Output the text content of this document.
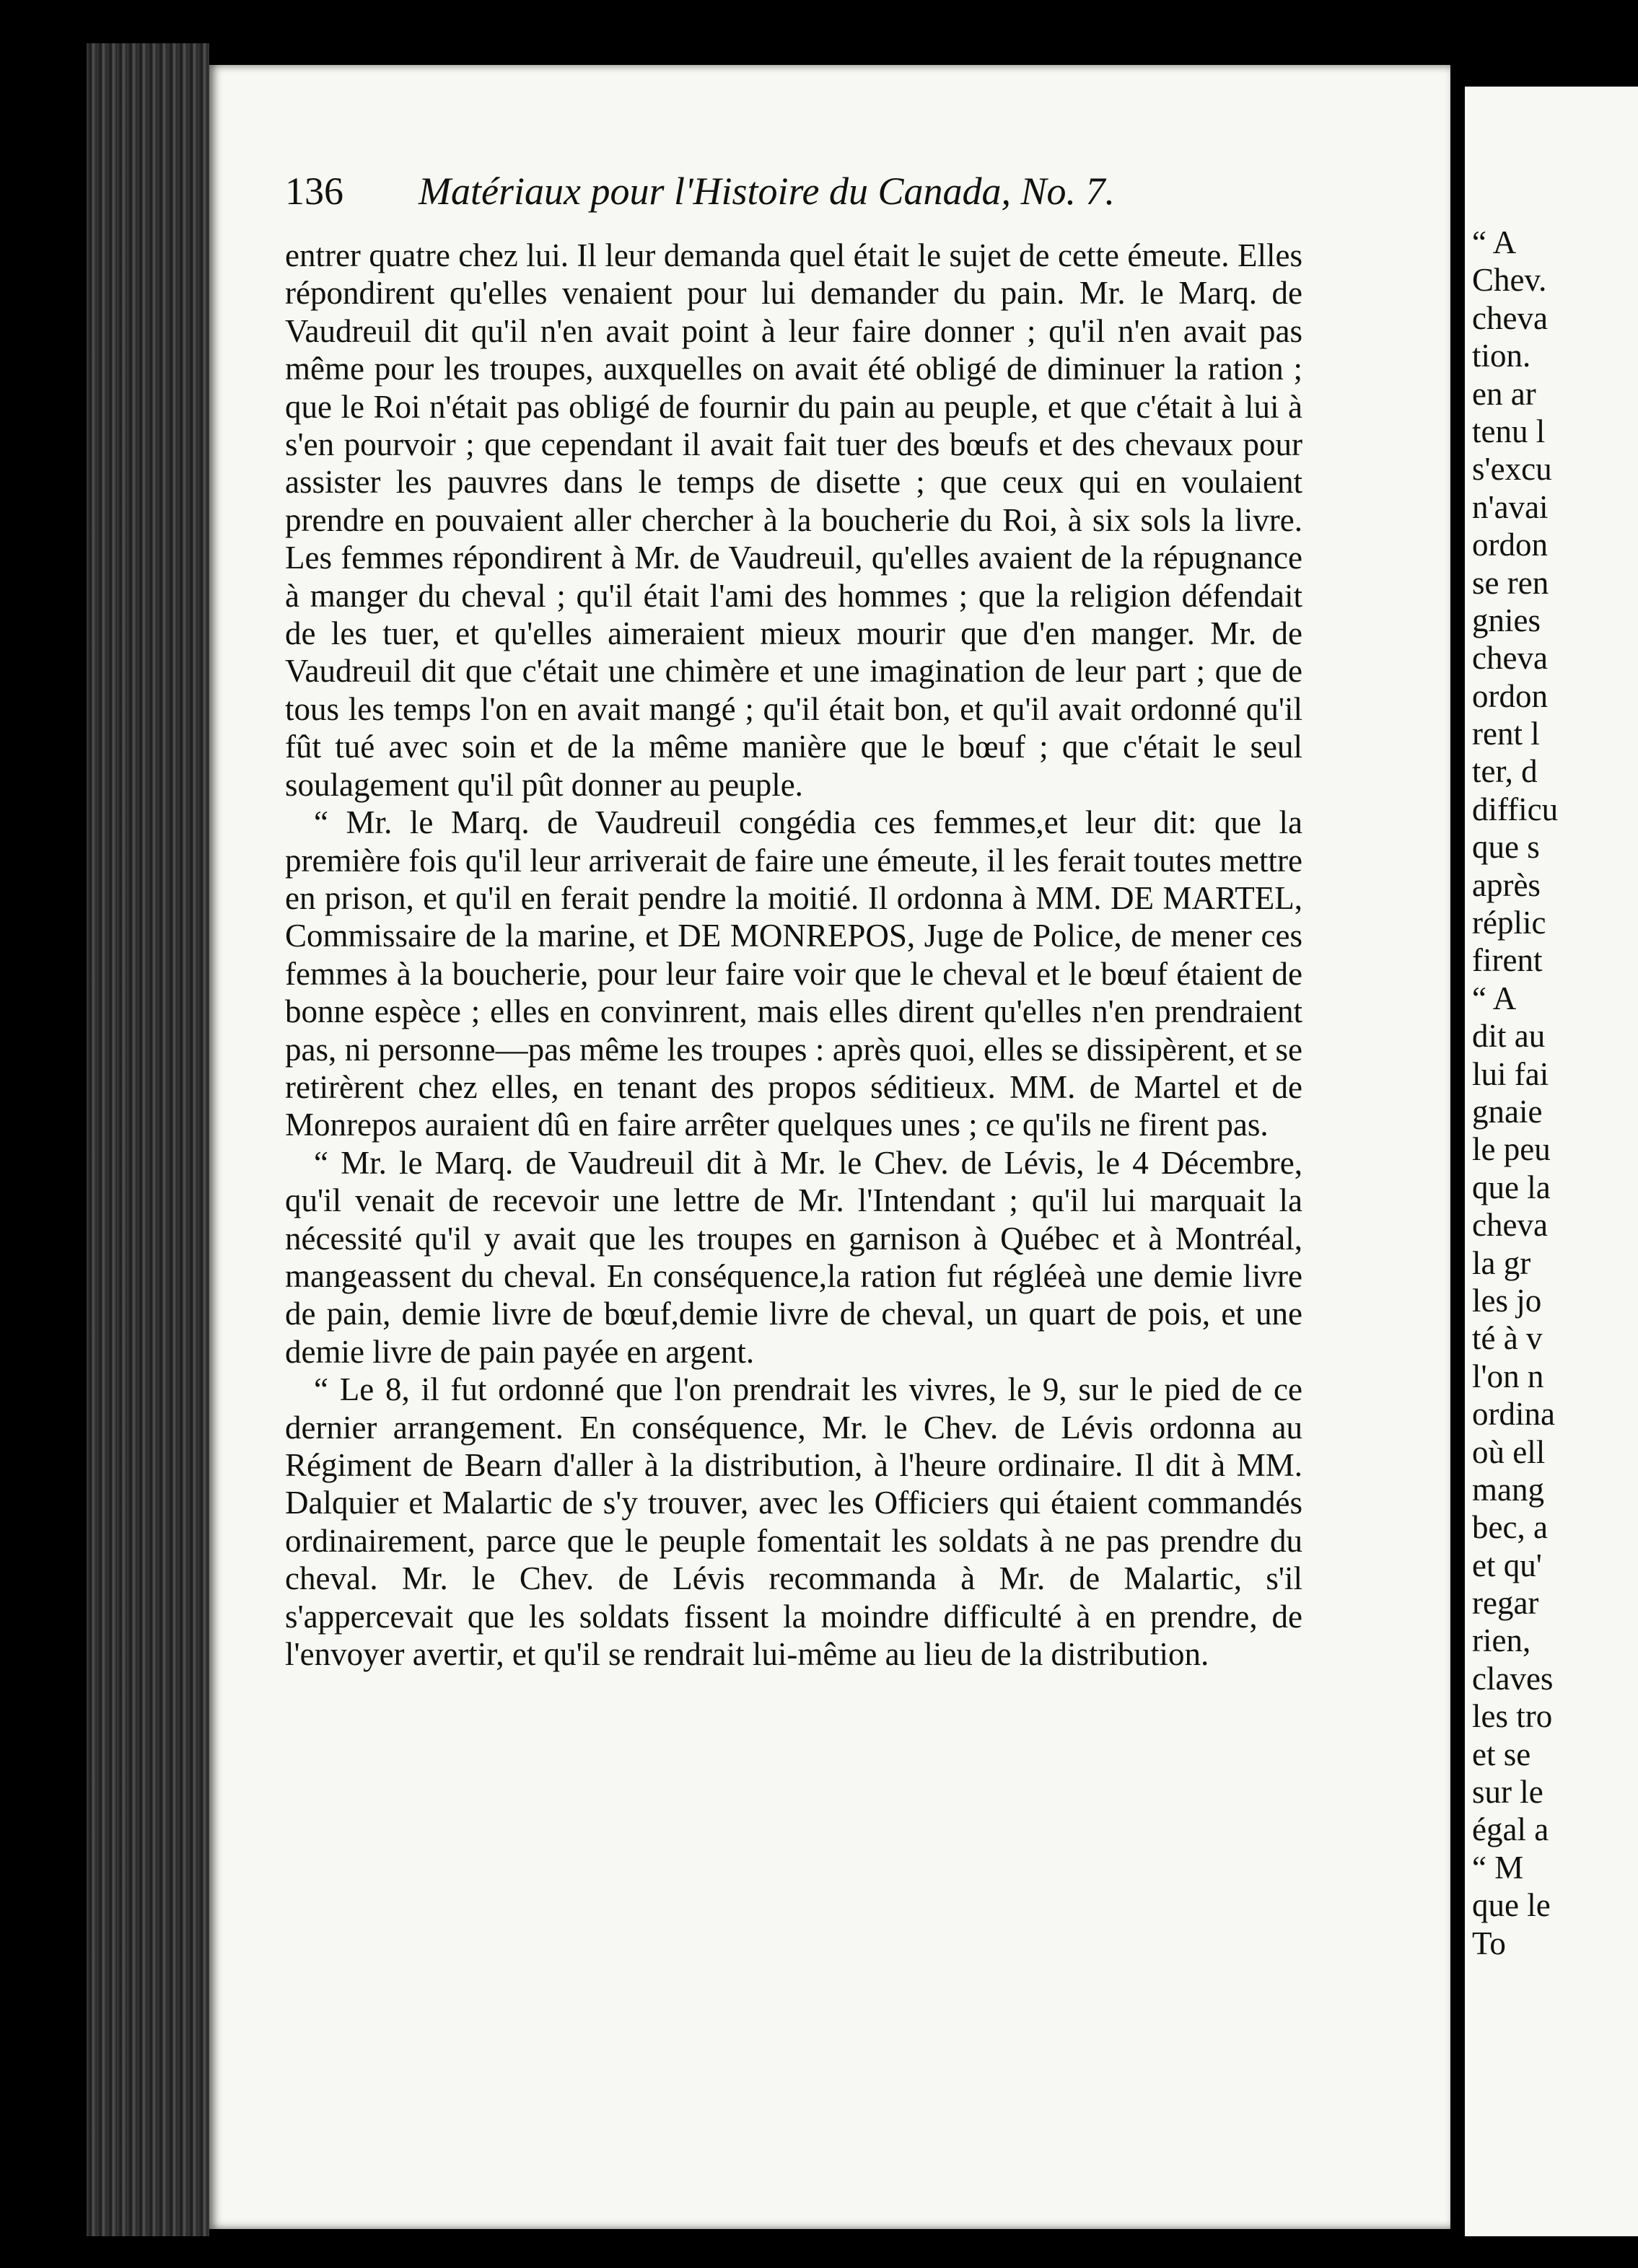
136 Matériaux pour l'Histoire du Canada, No. 7.

entrer quatre chez lui. Il leur demanda quel était le sujet de cette émeute. Elles répondirent qu'elles venaient pour lui demander du pain. Mr. le Marq. de Vaudreuil dit qu'il n'en avait point à leur faire donner ; qu'il n'en avait pas même pour les troupes, auxquelles on avait été obligé de diminuer la ration ; que le Roi n'était pas obligé de fournir du pain au peuple, et que c'était à lui à s'en pourvoir ; que cependant il avait fait tuer des bœufs et des chevaux pour assister les pauvres dans le temps de disette ; que ceux qui en voulaient prendre en pouvaient aller chercher à la boucherie du Roi, à six sols la livre. Les femmes répondirent à Mr. de Vaudreuil, qu'elles avaient de la répugnance à manger du cheval ; qu'il était l'ami des hommes ; que la religion défendait de les tuer, et qu'elles aimeraient mieux mourir que d'en manger. Mr. de Vaudreuil dit que c'était une chimère et une imagination de leur part ; que de tous les temps l'on en avait mangé ; qu'il était bon, et qu'il avait ordonné qu'il fût tué avec soin et de la même manière que le bœuf ; que c'était le seul soulagement qu'il pût donner au peuple.

“ Mr. le Marq. de Vaudreuil congédia ces femmes,et leur dit: que la première fois qu'il leur arriverait de faire une émeute, il les ferait toutes mettre en prison, et qu'il en ferait pendre la moitié. Il ordonna à MM. DE MARTEL, Commissaire de la marine, et DE MONREPOS, Juge de Police, de mener ces femmes à la boucherie, pour leur faire voir que le cheval et le bœuf étaient de bonne espèce ; elles en convinrent, mais elles dirent qu'elles n'en prendraient pas, ni personne—pas même les troupes : après quoi, elles se dissipèrent, et se retirèrent chez elles, en tenant des propos séditieux. MM. de Martel et de Monrepos auraient dû en faire arrêter quelques unes ; ce qu'ils ne firent pas.

“ Mr. le Marq. de Vaudreuil dit à Mr. le Chev. de Lévis, le 4 Décembre, qu'il venait de recevoir une lettre de Mr. l'Intendant ; qu'il lui marquait la nécessité qu'il y avait que les troupes en garnison à Québec et à Montréal, mangeassent du cheval. En conséquence,la ration fut régléeà une demie livre de pain, demie livre de bœuf,demie livre de cheval, un quart de pois, et une demie livre de pain payée en argent.

“ Le 8, il fut ordonné que l'on prendrait les vivres, le 9, sur le pied de ce dernier arrangement. En conséquence, Mr. le Chev. de Lévis ordonna au Régiment de Bearn d'aller à la distribution, à l'heure ordinaire. Il dit à MM. Dalquier et Malartic de s'y trouver, avec les Officiers qui étaient commandés ordinairement, parce que le peuple fomentait les soldats à ne pas prendre du cheval. Mr. le Chev. de Lévis recommanda à Mr. de Malartic, s'il s'appercevait que les soldats fissent la moindre difficulté à en prendre, de l'envoyer avertir, et qu'il se rendrait lui-même au lieu de la distribution.

“ A
Chev.
cheva
tion.
en ar
tenu l
s'excu
n'avai
ordon
se ren
gnies
cheva
ordon
rent l
ter, d
difficu
que s
après
réplic
firent
“ A
dit au
lui fai
gnaie
le peu
que la
cheva
la gr
les jo
té à v
l'on n
ordina
où ell
mang
bec, a
et qu'
regar
rien,
claves
les tro
et se
sur le
égal a
“ M
que le
To
